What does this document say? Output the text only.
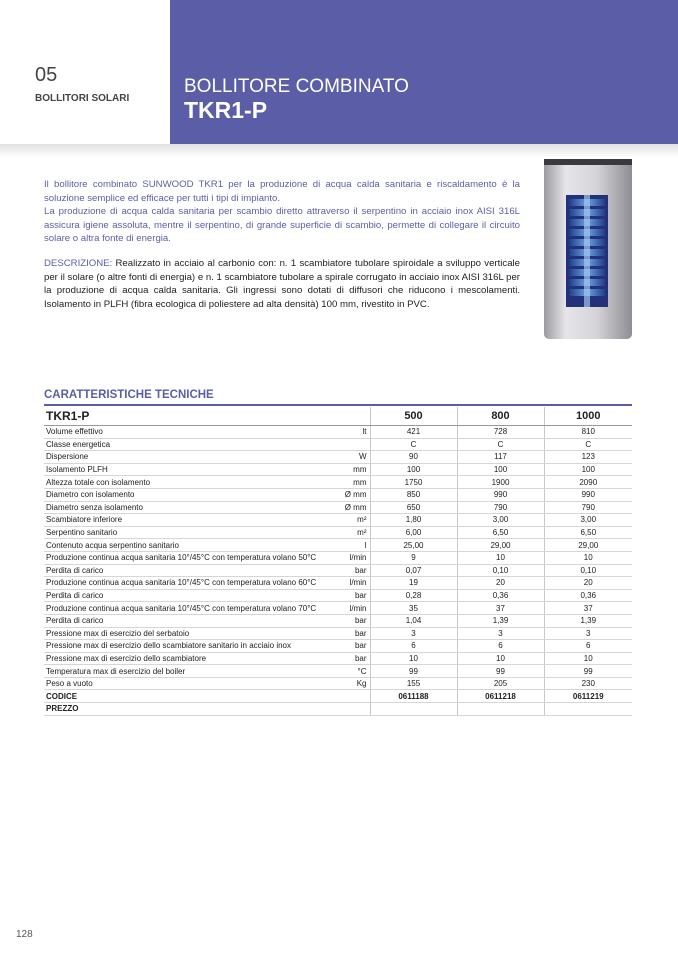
05
BOLLITORI SOLARI
BOLLITORE COMBINATO
TKR1-P

Il bollitore combinato SUNWOOD TKR1 per la produzione di acqua calda sanitaria e riscaldamento è la soluzione semplice ed efficace per tutti i tipi di impianto.

La produzione di acqua calda sanitaria per scambio diretto attraverso il serpentino in acciaio inox AISI 316L assicura igiene assoluta, mentre il serpentino, di grande superficie di scambio, permette di collegare il circuito solare o altra fonte di energia.

DESCRIZIONE: Realizzato in acciaio al carbonio con: n. 1 scambiatore tubolare spiroidale a sviluppo verticale per il solare (o altre fonti di energia) e n. 1 scambiatore tubolare a spirale corrugato in acciaio inox AISI 316L per la produzione di acqua calda sanitaria. Gli ingressi sono dotati di diffusori che riducono i mescolamenti. Isolamento in PLFH (fibra ecologica di poliestere ad alta densità) 100 mm, rivestito in PVC.
CARATTERISTICHE TECNICHE
TKR1-P		500	800	1000
Volume effettivo	lt	421	728	810
Classe energetica		C	C	C
Dispersione	W	90	117	123
Isolamento PLFH	mm	100	100	100
Altezza totale con isolamento	mm	1750	1900	2090
Diametro con isolamento	Ø mm	850	990	990
Diametro senza isolamento	Ø mm	650	790	790
Scambiatore inferiore	m²	1,80	3,00	3,00
Serpentino sanitario	m²	6,00	6,50	6,50
Contenuto acqua serpentino sanitario	l	25,00	29,00	29,00
Produzione continua acqua sanitaria 10°/45°C con temperatura volano 50°C	l/min	9	10	10
Perdita di carico	bar	0,07	0,10	0,10
Produzione continua acqua sanitaria 10°/45°C con temperatura volano 60°C	l/min	19	20	20
Perdita di carico	bar	0,28	0,36	0,36
Produzione continua acqua sanitaria 10°/45°C con temperatura volano 70°C	l/min	35	37	37
Perdita di carico	bar	1,04	1,39	1,39
Pressione max di esercizio del serbatoio	bar	3	3	3
Pressione max di esercizio dello scambiatore sanitario in acciaio inox	bar	6	6	6
Pressione max di esercizio dello scambiatore	bar	10	10	10
Temperatura max di esercizio del boiler	°C	99	99	99
Peso a vuoto	Kg	155	205	230
CODICE		0611188	0611218	0611219
PREZZO				
128
